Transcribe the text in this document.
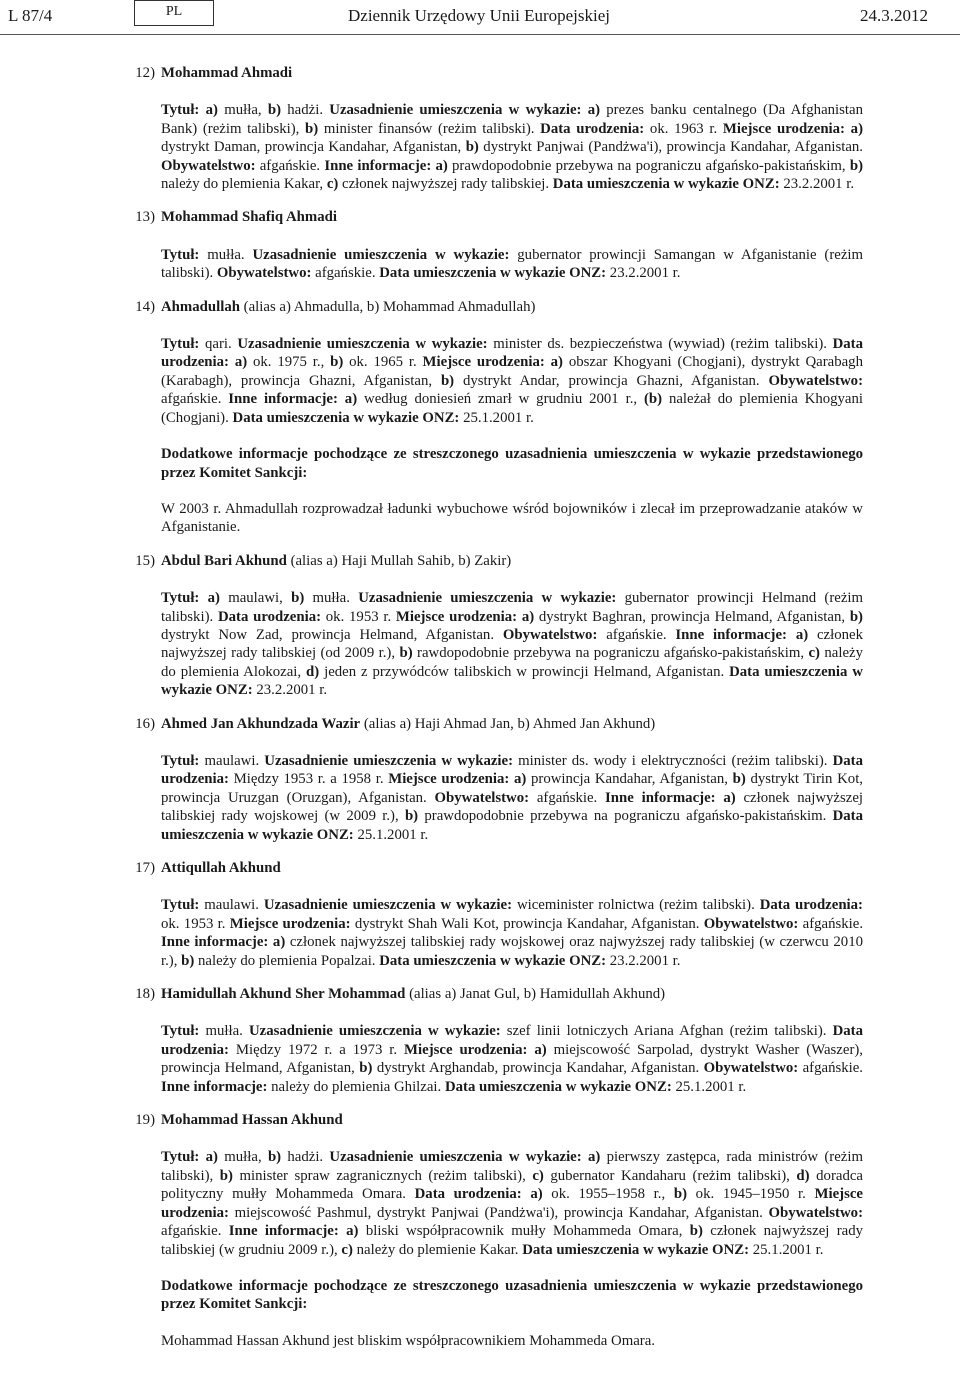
L 87/4	PL	Dziennik Urzędowy Unii Europejskiej	24.3.2012
12) Mohammad Ahmadi
Tytuł: a) mułła, b) hadżi. Uzasadnienie umieszczenia w wykazie: a) prezes banku centalnego (Da Afghanistan Bank) (reżim talibski), b) minister finansów (reżim talibski). Data urodzenia: ok. 1963 r. Miejsce urodzenia: a) dystrykt Daman, prowincja Kandahar, Afganistan, b) dystrykt Panjwai (Pandżwa'i), prowincja Kandahar, Afganistan. Obywatelstwo: afgańskie. Inne informacje: a) prawdopodobnie przebywa na pograniczu afgańsko-pakistańskim, b) należy do plemienia Kakar, c) członek najwyższej rady talibskiej. Data umieszczenia w wykazie ONZ: 23.2.2001 r.
13) Mohammad Shafiq Ahmadi
Tytuł: mułła. Uzasadnienie umieszczenia w wykazie: gubernator prowincji Samangan w Afganistanie (reżim talibski). Obywatelstwo: afgańskie. Data umieszczenia w wykazie ONZ: 23.2.2001 r.
14) Ahmadullah (alias a) Ahmadulla, b) Mohammad Ahmadullah)
Tytuł: qari. Uzasadnienie umieszczenia w wykazie: minister ds. bezpieczeństwa (wywiad) (reżim talibski). Data urodzenia: a) ok. 1975 r., b) ok. 1965 r. Miejsce urodzenia: a) obszar Khogyani (Chogjani), dystrykt Qarabagh (Karabagh), prowincja Ghazni, Afganistan, b) dystrykt Andar, prowincja Ghazni, Afganistan. Obywatelstwo: afgańskie. Inne informacje: a) według doniesień zmarł w grudniu 2001 r., (b) należał do plemienia Khogyani (Chogjani). Data umieszczenia w wykazie ONZ: 25.1.2001 r.
Dodatkowe informacje pochodzące ze streszczonego uzasadnienia umieszczenia w wykazie przedstawionego przez Komitet Sankcji:
W 2003 r. Ahmadullah rozprowadzał ładunki wybuchowe wśród bojowników i zlecał im przeprowadzanie ataków w Afganistanie.
15) Abdul Bari Akhund (alias a) Haji Mullah Sahib, b) Zakir)
Tytuł: a) maulawi, b) mułła. Uzasadnienie umieszczenia w wykazie: gubernator prowincji Helmand (reżim talibski). Data urodzenia: ok. 1953 r. Miejsce urodzenia: a) dystrykt Baghran, prowincja Helmand, Afganistan, b) dystrykt Now Zad, prowincja Helmand, Afganistan. Obywatelstwo: afgańskie. Inne informacje: a) członek najwyższej rady talibskiej (od 2009 r.), b) rawdopodobnie przebywa na pograniczu afgańsko-pakistańskim, c) należy do plemienia Alokozai, d) jeden z przywódców talibskich w prowincji Helmand, Afganistan. Data umieszczenia w wykazie ONZ: 23.2.2001 r.
16) Ahmed Jan Akhundzada Wazir (alias a) Haji Ahmad Jan, b) Ahmed Jan Akhund)
Tytuł: maulawi. Uzasadnienie umieszczenia w wykazie: minister ds. wody i elektryczności (reżim talibski). Data urodzenia: Między 1953 r. a 1958 r. Miejsce urodzenia: a) prowincja Kandahar, Afganistan, b) dystrykt Tirin Kot, prowincja Uruzgan (Oruzgan), Afganistan. Obywatelstwo: afgańskie. Inne informacje: a) członek najwyższej talibskiej rady wojskowej (w 2009 r.), b) prawdopodobnie przebywa na pograniczu afgańsko-pakistańskim. Data umieszczenia w wykazie ONZ: 25.1.2001 r.
17) Attiqullah Akhund
Tytuł: maulawi. Uzasadnienie umieszczenia w wykazie: wiceminister rolnictwa (reżim talibski). Data urodzenia: ok. 1953 r. Miejsce urodzenia: dystrykt Shah Wali Kot, prowincja Kandahar, Afganistan. Obywatelstwo: afgańskie. Inne informacje: a) członek najwyższej talibskiej rady wojskowej oraz najwyższej rady talibskiej (w czerwcu 2010 r.), b) należy do plemienia Popalzai. Data umieszczenia w wykazie ONZ: 23.2.2001 r.
18) Hamidullah Akhund Sher Mohammad (alias a) Janat Gul, b) Hamidullah Akhund)
Tytuł: mułła. Uzasadnienie umieszczenia w wykazie: szef linii lotniczych Ariana Afghan (reżim talibski). Data urodzenia: Między 1972 r. a 1973 r. Miejsce urodzenia: a) miejscowość Sarpolad, dystrykt Washer (Waszer), prowincja Helmand, Afganistan, b) dystrykt Arghandab, prowincja Kandahar, Afganistan. Obywatelstwo: afgańskie. Inne informacje: należy do plemienia Ghilzai. Data umieszczenia w wykazie ONZ: 25.1.2001 r.
19) Mohammad Hassan Akhund
Tytuł: a) mułła, b) hadżi. Uzasadnienie umieszczenia w wykazie: a) pierwszy zastępca, rada ministrów (reżim talibski), b) minister spraw zagranicznych (reżim talibski), c) gubernator Kandaharu (reżim talibski), d) doradca polityczny mułły Mohammeda Omara. Data urodzenia: a) ok. 1955–1958 r., b) ok. 1945–1950 r. Miejsce urodzenia: miejscowość Pashmul, dystrykt Panjwai (Pandżwa'i), prowincja Kandahar, Afganistan. Obywatelstwo: afgańskie. Inne informacje: a) bliski współpracownik mułły Mohammeda Omara, b) członek najwyższej rady talibskiej (w grudniu 2009 r.), c) należy do plemienie Kakar. Data umieszczenia w wykazie ONZ: 25.1.2001 r.
Dodatkowe informacje pochodzące ze streszczonego uzasadnienia umieszczenia w wykazie przedstawionego przez Komitet Sankcji:
Mohammad Hassan Akhund jest bliskim współpracownikiem Mohammeda Omara.
